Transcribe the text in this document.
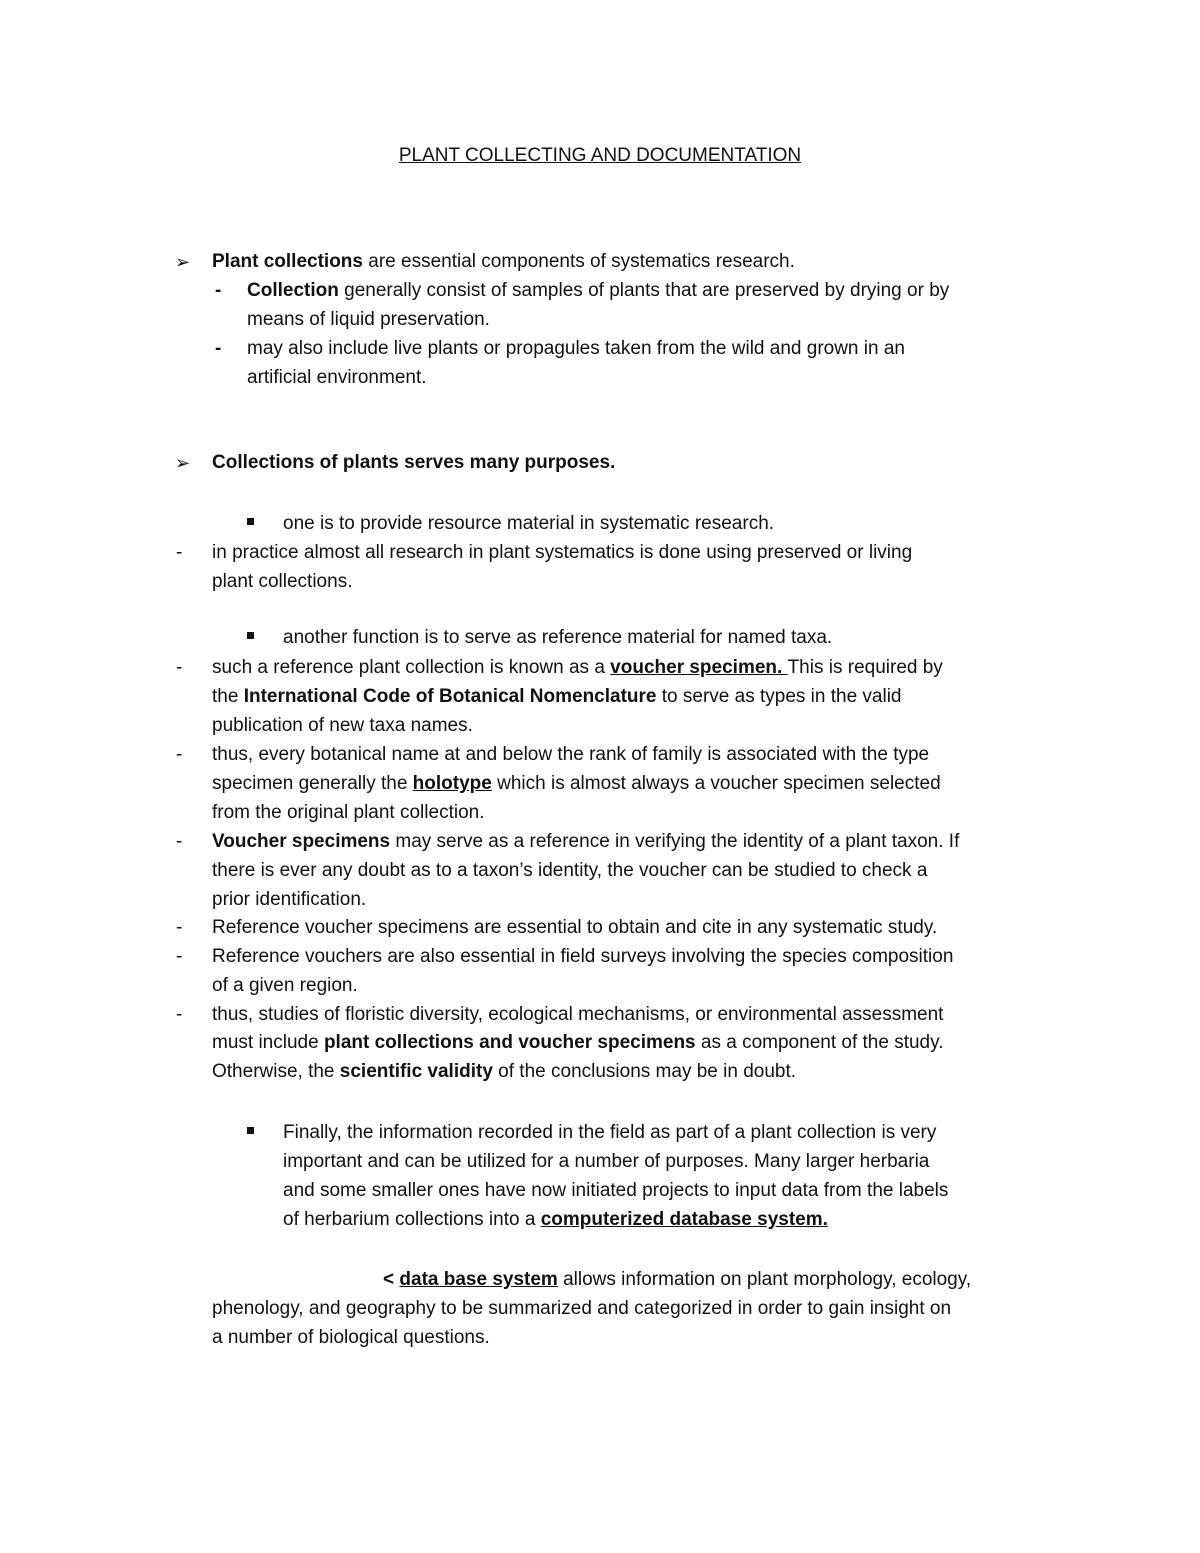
PLANT COLLECTING AND DOCUMENTATION
➢ Plant collections are essential components of systematics research.
- Collection generally consist of samples of plants that are preserved by drying or by
means of liquid preservation.
- may also include live plants or propagules taken from the wild and grown in an
artificial environment.
➢ Collections of plants serves many purposes.
one is to provide resource material in systematic research.
- in practice almost all research in plant systematics is done using preserved or living
plant collections.
another function is to serve as reference material for named taxa.
- such a reference plant collection is known as a voucher specimen. This is required by
the International Code of Botanical Nomenclature to serve as types in the valid
publication of new taxa names.
- thus, every botanical name at and below the rank of family is associated with the type
specimen generally the holotype which is almost always a voucher specimen selected
from the original plant collection.
- Voucher specimens may serve as a reference in verifying the identity of a plant taxon. If
there is ever any doubt as to a taxon’s identity, the voucher can be studied to check a
prior identification.
- Reference voucher specimens are essential to obtain and cite in any systematic study.
- Reference vouchers are also essential in field surveys involving the species composition
of a given region.
- thus, studies of floristic diversity, ecological mechanisms, or environmental assessment
must include plant collections and voucher specimens as a component of the study.
Otherwise, the scientific validity of the conclusions may be in doubt.
Finally, the information recorded in the field as part of a plant collection is very
important and can be utilized for a number of purposes. Many larger herbaria
and some smaller ones have now initiated projects to input data from the labels
of herbarium collections into a computerized database system.
< data base system allows information on plant morphology, ecology,
phenology, and geography to be summarized and categorized in order to gain insight on
a number of biological questions.
